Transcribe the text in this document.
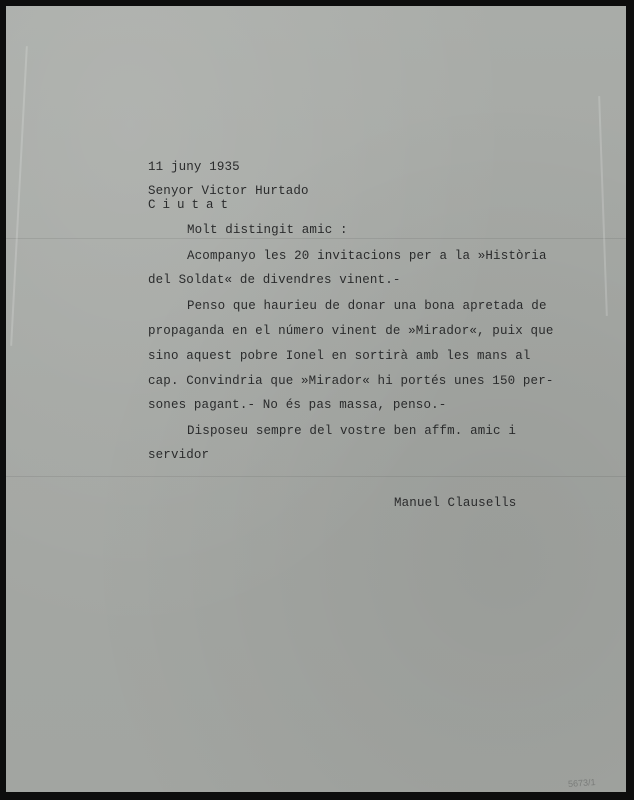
11 juny 1935
Senyor Victor Hurtado
Ciutat
Molt distingit amic :
Acompanyo les 20 invitacions per a la »Història
del Soldat« de divendres vinent.-
Penso que haurieu de donar una bona apretada de
propaganda en el número vinent de »Mirador«, puix que
sino aquest pobre Ionel en sortirà amb les mans al
cap. Convindria que »Mirador« hi portés unes 150 per-
sones pagant.- No és pas massa, penso.-
Disposeu sempre del vostre ben affm. amic i
servidor
Manuel Clausells
5673/1
